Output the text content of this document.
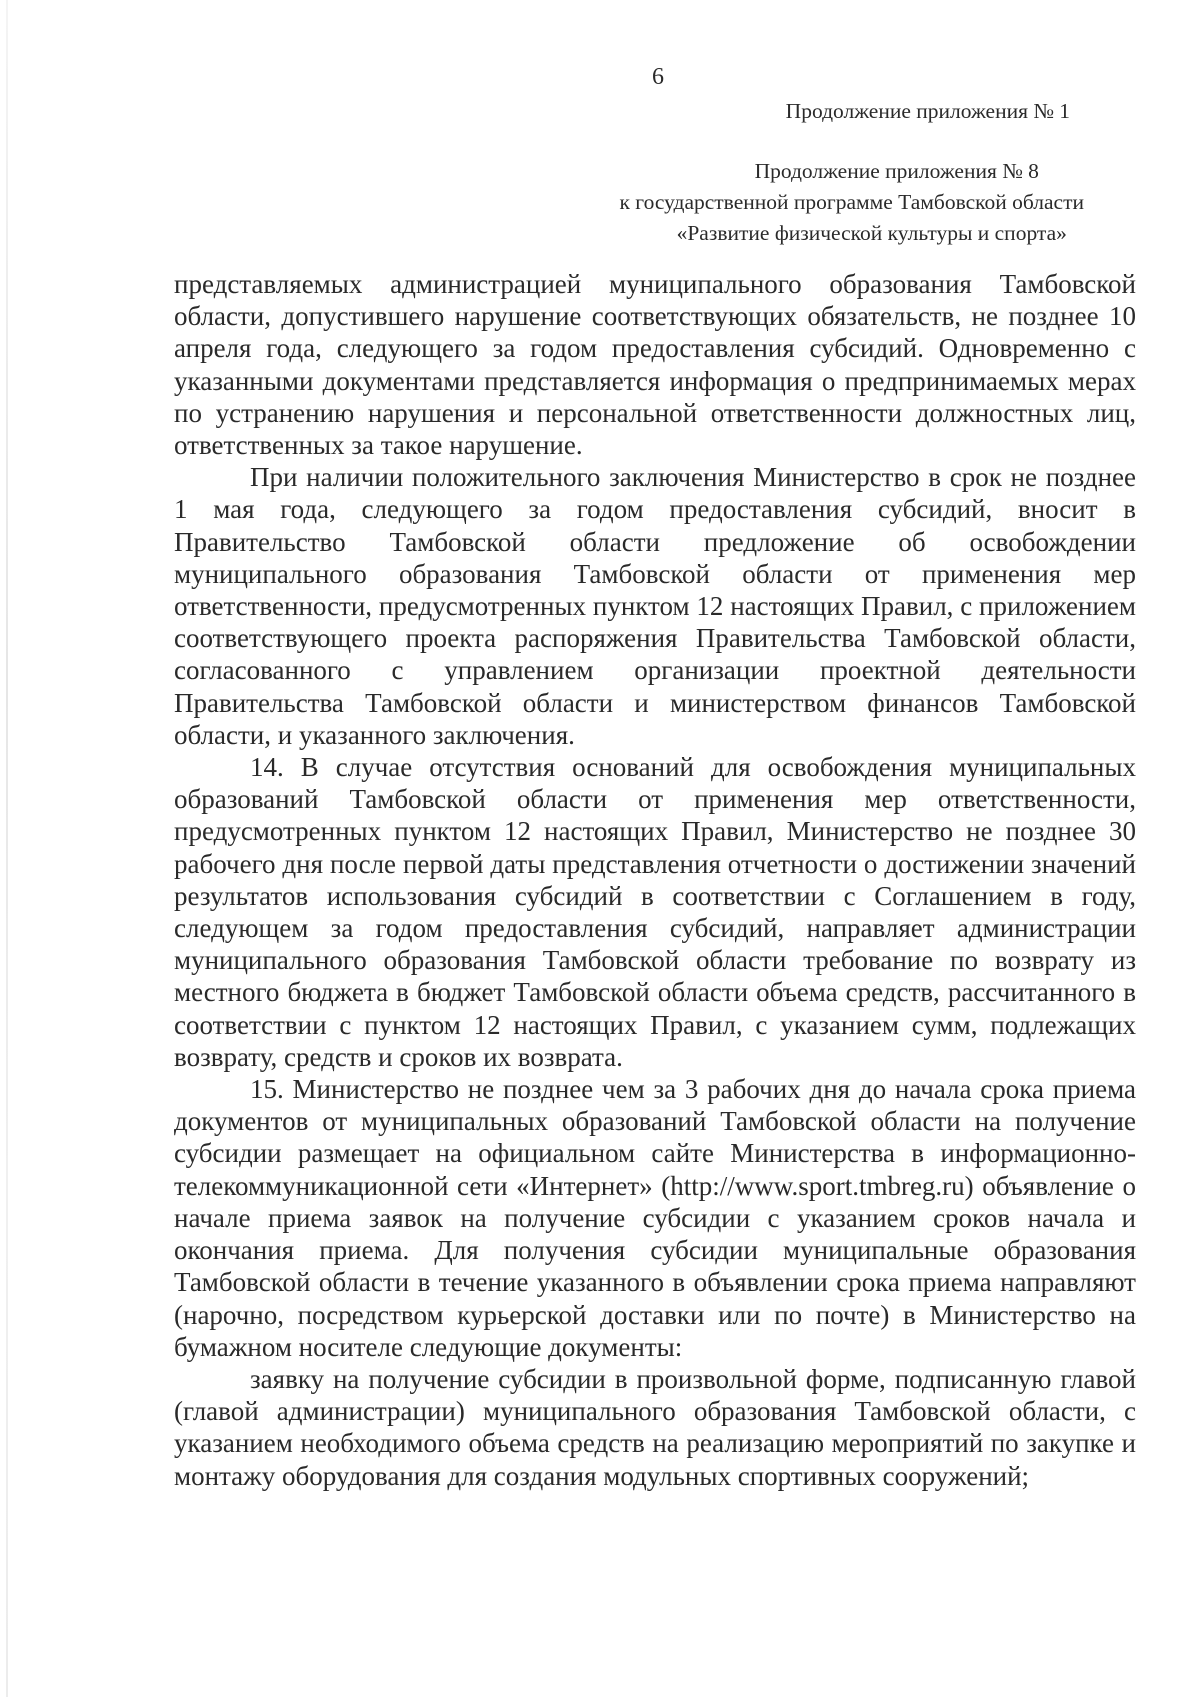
6
Продолжение приложения № 1
Продолжение приложения № 8
к государственной программе Тамбовской области
«Развитие физической культуры и спорта»

представляемых администрацией муниципального образования Тамбовской области, допустившего нарушение соответствующих обязательств, не позднее 10 апреля года, следующего за годом предоставления субсидий. Одновременно с указанными документами представляется информация о предпринимаемых мерах по устранению нарушения и персональной ответственности должностных лиц, ответственных за такое нарушение.

При наличии положительного заключения Министерство в срок не позднее 1 мая года, следующего за годом предоставления субсидий, вносит в Правительство Тамбовской области предложение об освобождении муниципального образования Тамбовской области от применения мер ответственности, предусмотренных пунктом 12 настоящих Правил, с приложением соответствующего проекта распоряжения Правительства Тамбовской области, согласованного с управлением организации проектной деятельности Правительства Тамбовской области и министерством финансов Тамбовской области, и указанного заключения.

14. В случае отсутствия оснований для освобождения муниципальных образований Тамбовской области от применения мер ответственности, предусмотренных пунктом 12 настоящих Правил, Министерство не позднее 30 рабочего дня после первой даты представления отчетности о достижении значений результатов использования субсидий в соответствии с Соглашением в году, следующем за годом предоставления субсидий, направляет администрации муниципального образования Тамбовской области требование по возврату из местного бюджета в бюджет Тамбовской области объема средств, рассчитанного в соответствии с пунктом 12 настоящих Правил, с указанием сумм, подлежащих возврату, средств и сроков их возврата.

15. Министерство не позднее чем за 3 рабочих дня до начала срока приема документов от муниципальных образований Тамбовской области на получение субсидии размещает на официальном сайте Министерства в информационно-телекоммуникационной сети «Интернет» (http://www.sport.tmbreg.ru) объявление о начале приема заявок на получение субсидии с указанием сроков начала и окончания приема. Для получения субсидии муниципальные образования Тамбовской области в течение указанного в объявлении срока приема направляют (нарочно, посредством курьерской доставки или по почте) в Министерство на бумажном носителе следующие документы:

заявку на получение субсидии в произвольной форме, подписанную главой (главой администрации) муниципального образования Тамбовской области, с указанием необходимого объема средств на реализацию мероприятий по закупке и монтажу оборудования для создания модульных спортивных сооружений;
